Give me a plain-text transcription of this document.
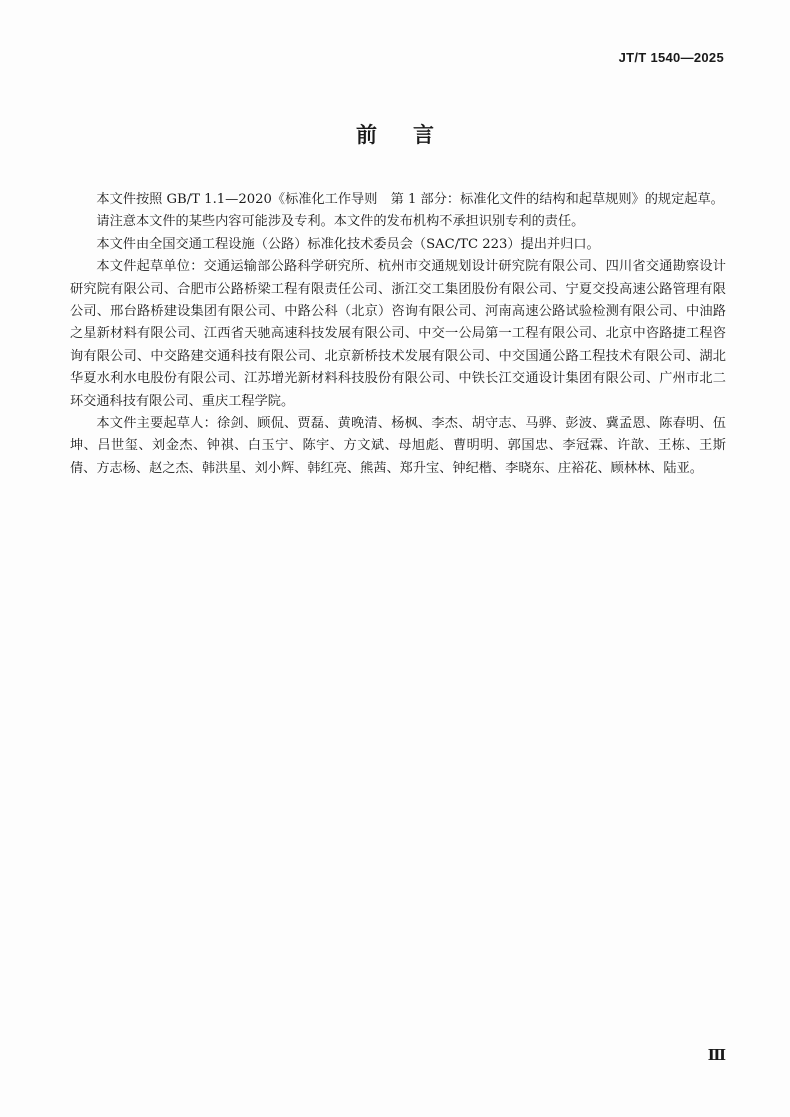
JT/T 1540—2025
前言

本文件按照 GB/T 1.1—2020《标准化工作导则　第 1 部分：标准化文件的结构和起草规则》的规定起草。

请注意本文件的某些内容可能涉及专利。本文件的发布机构不承担识别专利的责任。

本文件由全国交通工程设施（公路）标准化技术委员会（SAC/TC 223）提出并归口。

本文件起草单位：交通运输部公路科学研究所、杭州市交通规划设计研究院有限公司、四川省交通勘察设计研究院有限公司、合肥市公路桥梁工程有限责任公司、浙江交工集团股份有限公司、宁夏交投高速公路管理有限公司、邢台路桥建设集团有限公司、中路公科（北京）咨询有限公司、河南高速公路试验检测有限公司、中油路之星新材料有限公司、江西省天驰高速科技发展有限公司、中交一公局第一工程有限公司、北京中咨路捷工程咨询有限公司、中交路建交通科技有限公司、北京新桥技术发展有限公司、中交国通公路工程技术有限公司、湖北华夏水利水电股份有限公司、江苏增光新材料科技股份有限公司、中铁长江交通设计集团有限公司、广州市北二环交通科技有限公司、重庆工程学院。

本文件主要起草人：徐剑、顾侃、贾磊、黄晚清、杨枫、李杰、胡守志、马骅、彭波、冀孟恩、陈春明、伍坤、吕世玺、刘金杰、钟祺、白玉宁、陈宇、方文斌、母旭彪、曹明明、郭国忠、李冠霖、许歆、王栋、王斯倩、方志杨、赵之杰、韩洪星、刘小辉、韩红亮、熊茜、郑升宝、钟纪楷、李晓东、庄裕花、顾林林、陆亚。

Ⅲ
